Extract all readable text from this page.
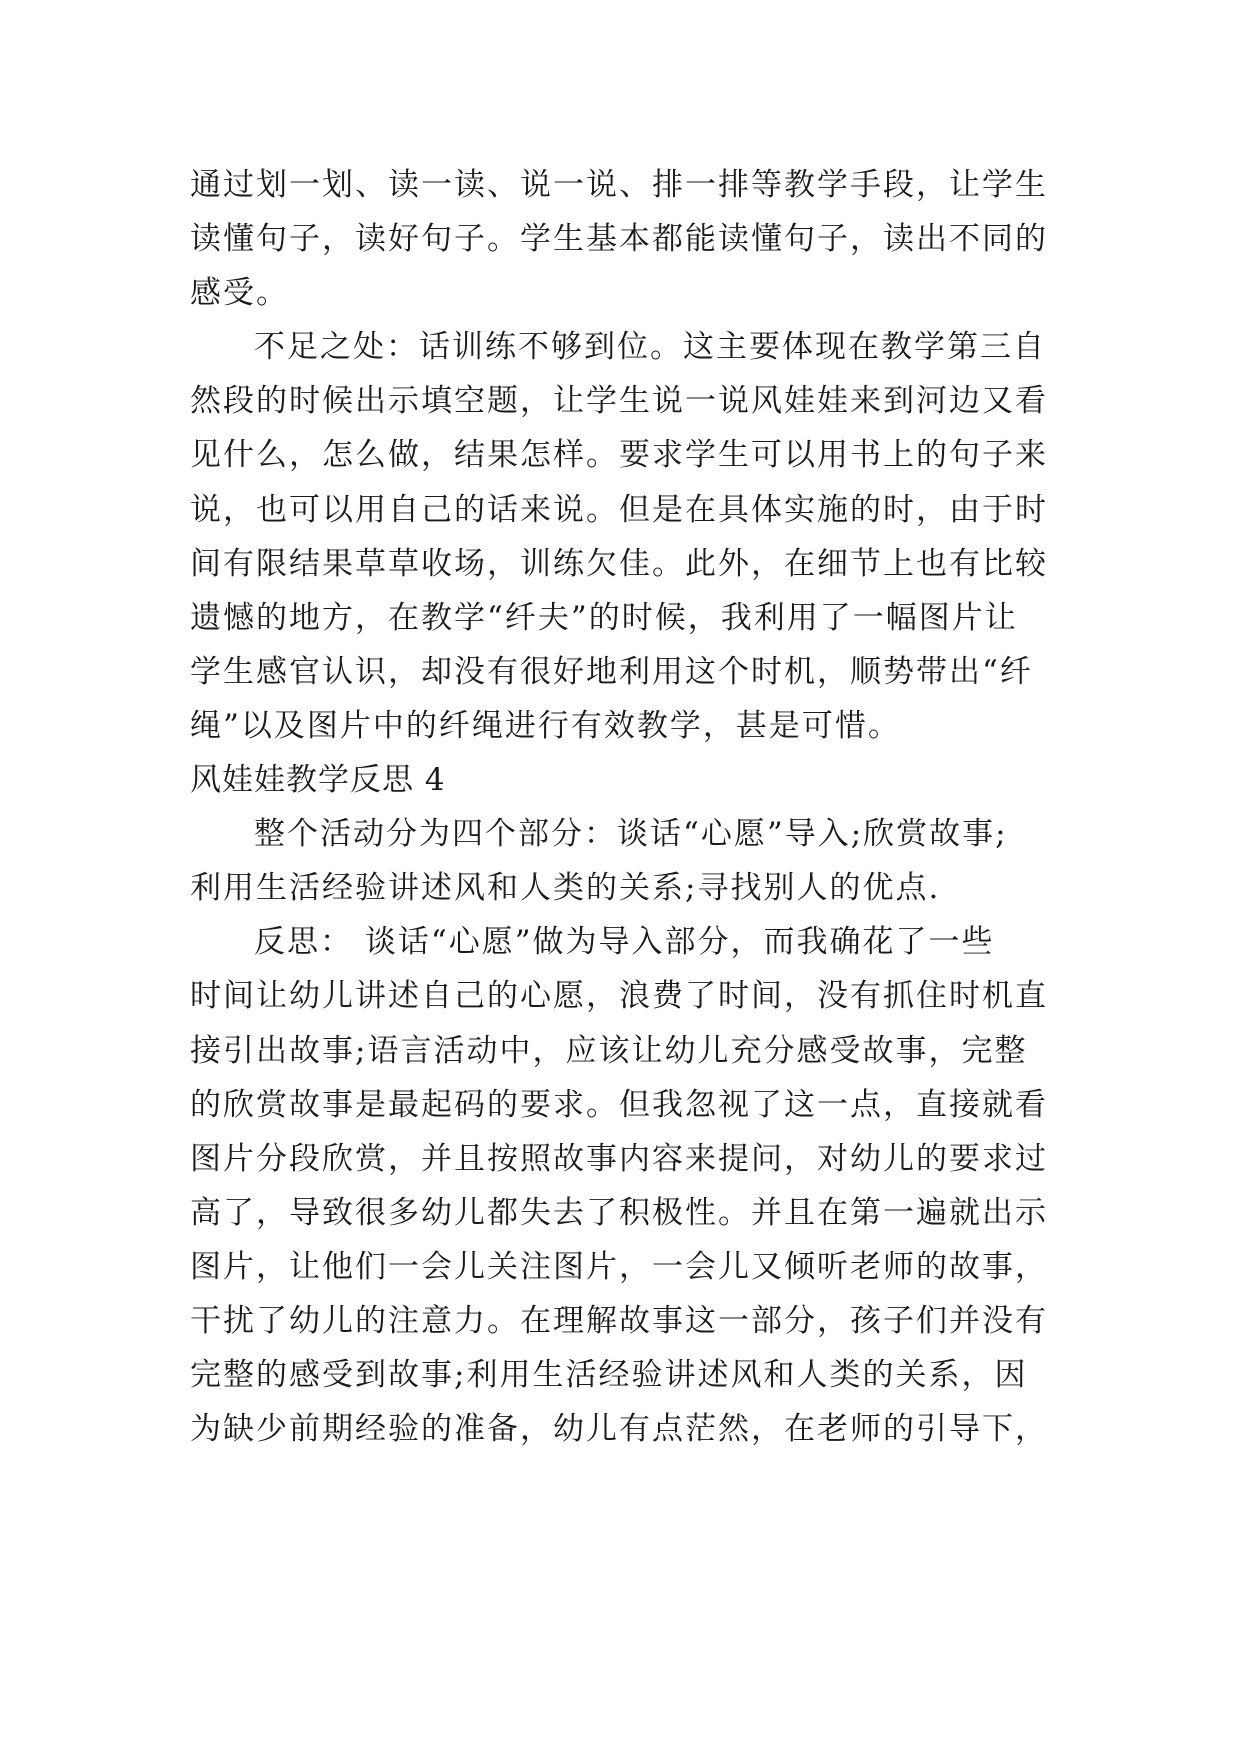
通过划一划、读一读、说一说、排一排等教学手段，让学生
读懂句子，读好句子。学生基本都能读懂句子，读出不同的
感受。
不足之处：话训练不够到位。这主要体现在教学第三自
然段的时候出示填空题，让学生说一说风娃娃来到河边又看
见什么，怎么做，结果怎样。要求学生可以用书上的句子来
说，也可以用自己的话来说。但是在具体实施的时，由于时
间有限结果草草收场，训练欠佳。此外，在细节上也有比较
遗憾的地方，在教学“纤夫”的时候，我利用了一幅图片让
学生感官认识，却没有很好地利用这个时机，顺势带出“纤
绳”以及图片中的纤绳进行有效教学，甚是可惜。
风娃娃教学反思 4
整个活动分为四个部分：谈话“心愿”导入;欣赏故事;
利用生活经验讲述风和人类的关系;寻找别人的优点.
反思： 谈话“心愿”做为导入部分，而我确花了一些
时间让幼儿讲述自己的心愿，浪费了时间，没有抓住时机直
接引出故事;语言活动中，应该让幼儿充分感受故事，完整
的欣赏故事是最起码的要求。但我忽视了这一点，直接就看
图片分段欣赏，并且按照故事内容来提问，对幼儿的要求过
高了，导致很多幼儿都失去了积极性。并且在第一遍就出示
图片，让他们一会儿关注图片，一会儿又倾听老师的故事，
干扰了幼儿的注意力。在理解故事这一部分，孩子们并没有
完整的感受到故事;利用生活经验讲述风和人类的关系，因
为缺少前期经验的准备，幼儿有点茫然，在老师的引导下，
